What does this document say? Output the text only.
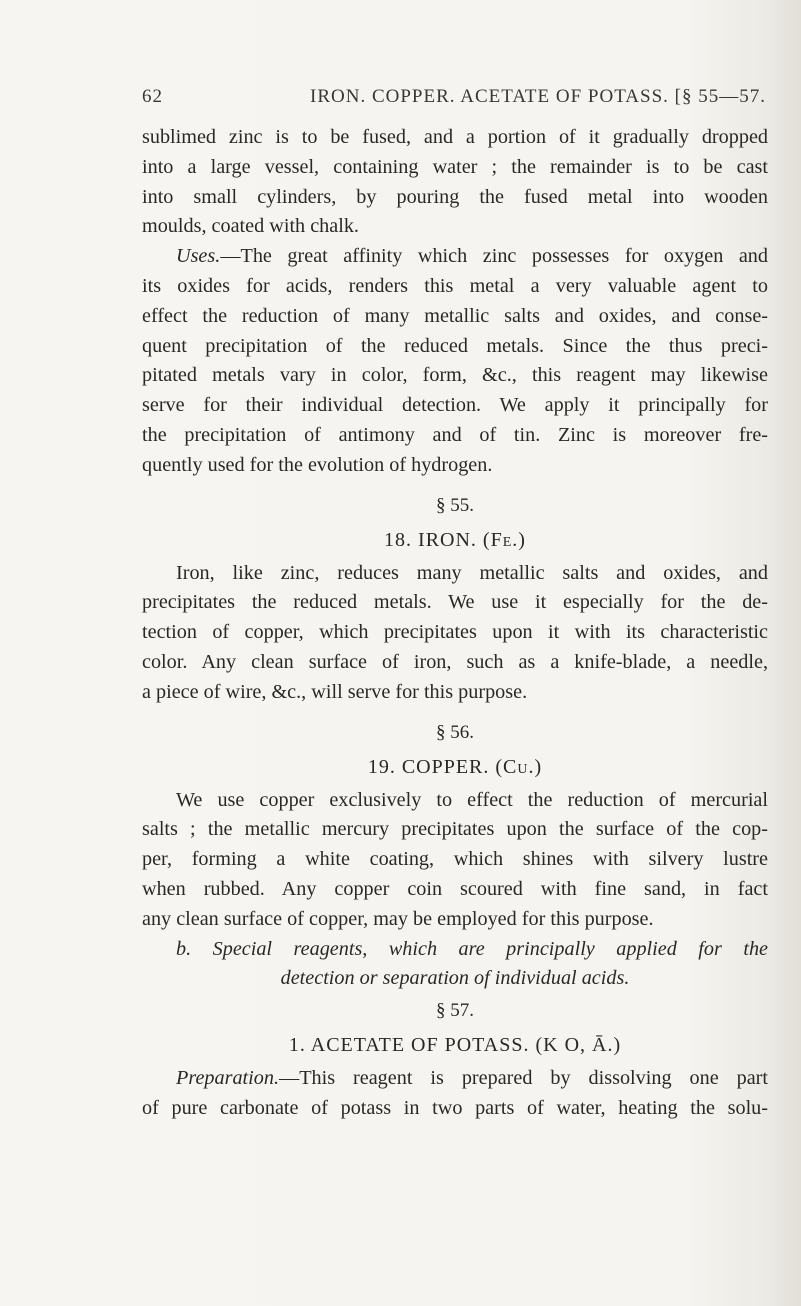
62	IRON. COPPER. ACETATE OF POTASS. [§ 55—57.
sublimed zinc is to be fused, and a portion of it gradually dropped
into a large vessel, containing water ; the remainder is to be cast
into small cylinders, by pouring the fused metal into wooden
moulds, coated with chalk.
Uses.—The great affinity which zinc possesses for oxygen and
its oxides for acids, renders this metal a very valuable agent to
effect the reduction of many metallic salts and oxides, and conse-
quent precipitation of the reduced metals. Since the thus preci-
pitated metals vary in color, form, &c., this reagent may likewise
serve for their individual detection. We apply it principally for
the precipitation of antimony and of tin. Zinc is moreover fre-
quently used for the evolution of hydrogen.
§ 55.
18. IRON. (Fe.)
Iron, like zinc, reduces many metallic salts and oxides, and
precipitates the reduced metals. We use it especially for the de-
tection of copper, which precipitates upon it with its characteristic
color. Any clean surface of iron, such as a knife-blade, a needle,
a piece of wire, &c., will serve for this purpose.
§ 56.
19. COPPER. (Cu.)
We use copper exclusively to effect the reduction of mercurial
salts ; the metallic mercury precipitates upon the surface of the cop-
per, forming a white coating, which shines with silvery lustre
when rubbed. Any copper coin scoured with fine sand, in fact
any clean surface of copper, may be employed for this purpose.
b. Special reagents, which are principally applied for the
detection or separation of individual acids.
§ 57.
1. ACETATE OF POTASS. (K O, Ā.)
Preparation.—This reagent is prepared by dissolving one part
of pure carbonate of potass in two parts of water, heating the solu-
